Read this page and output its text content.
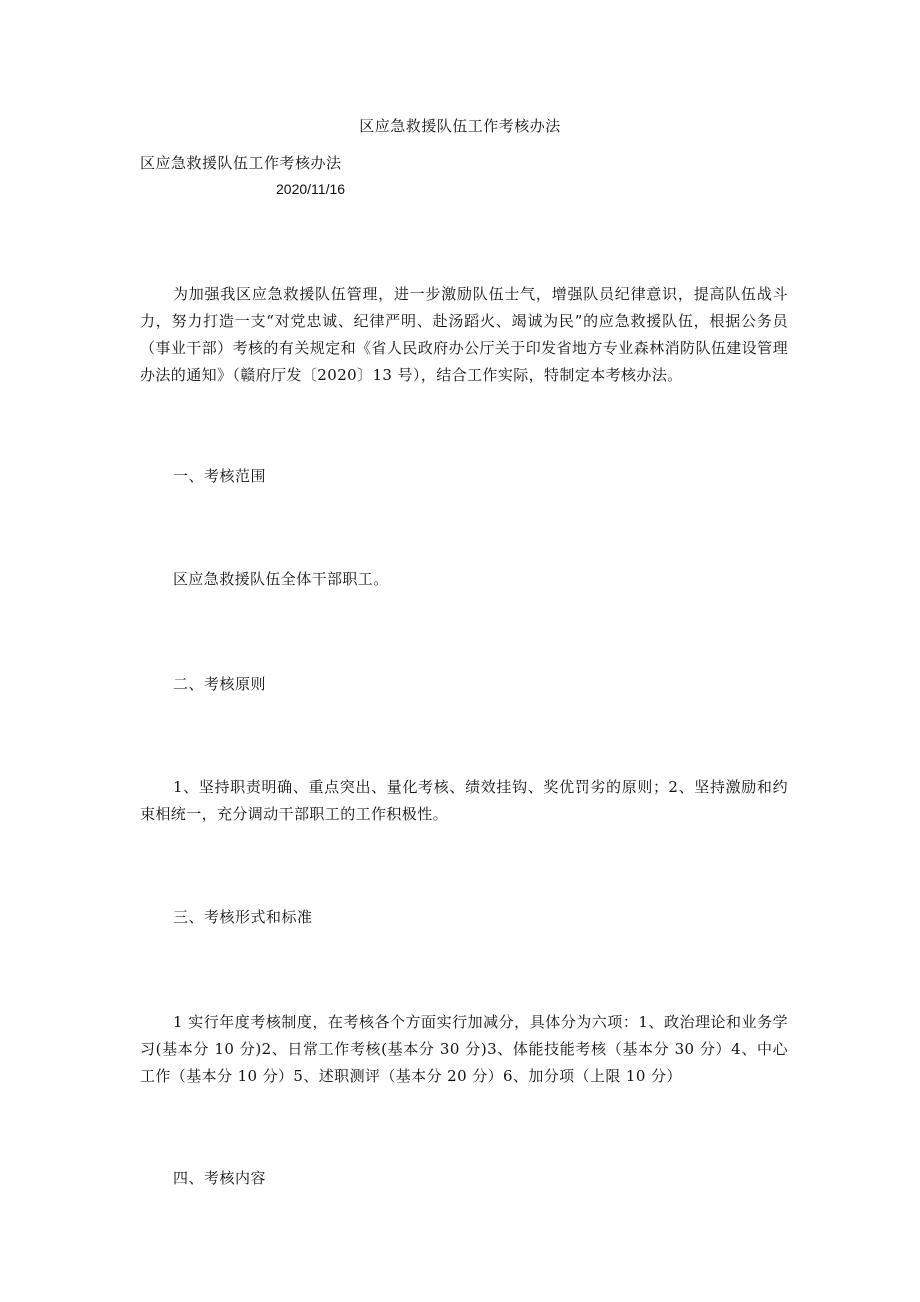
区应急救援队伍工作考核办法
区应急救援队伍工作考核办法
2020/11/16

为加强我区应急救援队伍管理，进一步激励队伍士气，增强队员纪律意识，提高队伍战斗力，努力打造一支“对党忠诚、纪律严明、赴汤蹈火、竭诚为民”的应急救援队伍，根据公务员（事业干部）考核的有关规定和《省人民政府办公厅关于印发省地方专业森林消防队伍建设管理办法的通知》（赣府厅发〔2020〕13 号），结合工作实际，特制定本考核办法。

一、考核范围

区应急救援队伍全体干部职工。

二、考核原则

1、坚持职责明确、重点突出、量化考核、绩效挂钩、奖优罚劣的原则；2、坚持激励和约束相统一，充分调动干部职工的工作积极性。

三、考核形式和标准

1 实行年度考核制度，在考核各个方面实行加减分，具体分为六项：1、政治理论和业务学习(基本分 10 分)2、日常工作考核(基本分 30 分)3、体能技能考核（基本分 30 分）4、中心工作（基本分 10 分）5、述职测评（基本分 20 分）6、加分项（上限 10 分）

四、考核内容
